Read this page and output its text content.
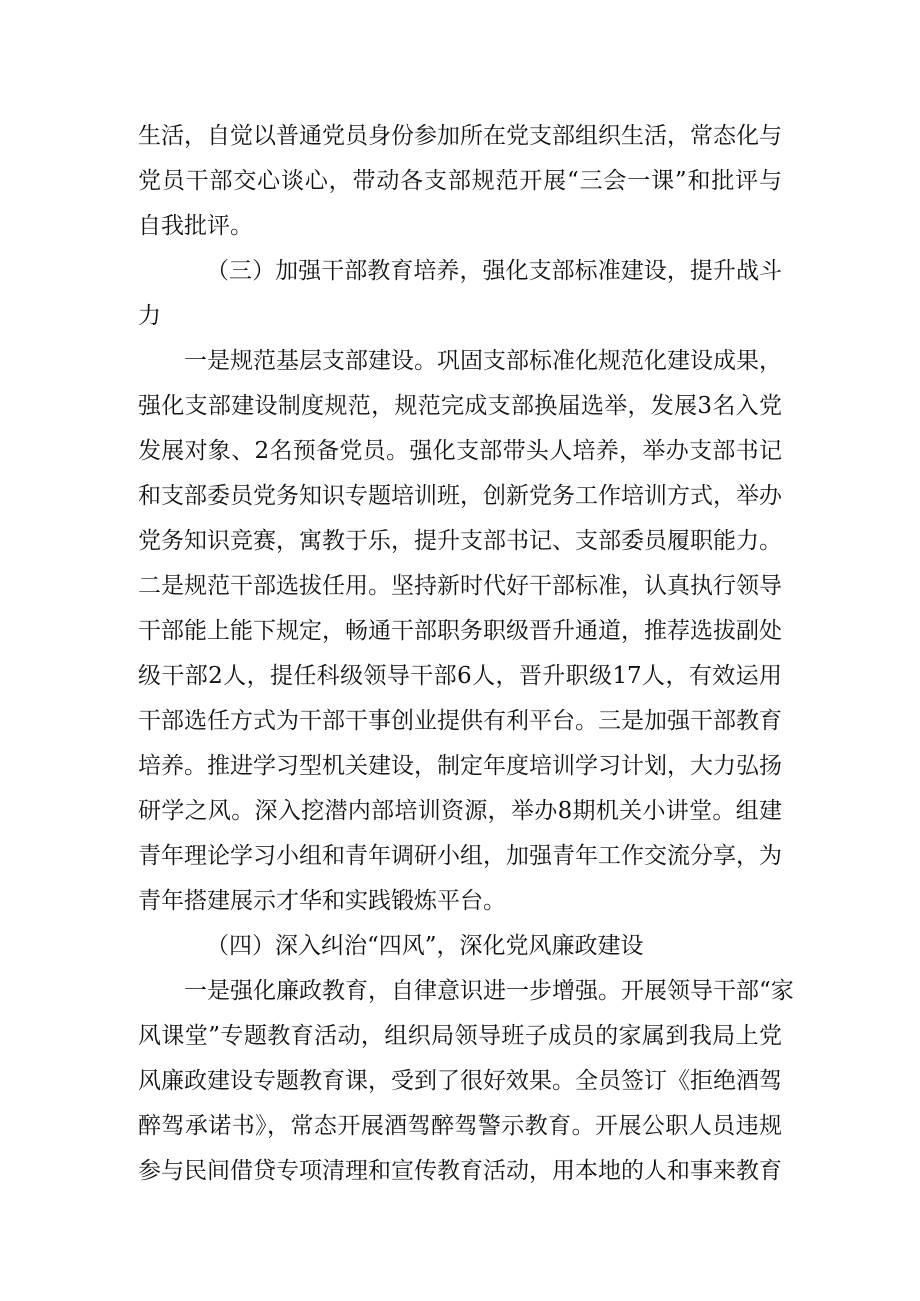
生活，自觉以普通党员身份参加所在党支部组织生活，常态化与
党员干部交心谈心，带动各支部规范开展“三会一课”和批评与
自我批评。
（三）加强干部教育培养，强化支部标准建设，提升战斗
力
一是规范基层支部建设。巩固支部标准化规范化建设成果，
强化支部建设制度规范，规范完成支部换届选举，发展3名入党
发展对象、2名预备党员。强化支部带头人培养，举办支部书记
和支部委员党务知识专题培训班，创新党务工作培训方式，举办
党务知识竞赛，寓教于乐，提升支部书记、支部委员履职能力。
二是规范干部选拔任用。坚持新时代好干部标准，认真执行领导
干部能上能下规定，畅通干部职务职级晋升通道，推荐选拔副处
级干部2人，提任科级领导干部6人，晋升职级17人，有效运用
干部选任方式为干部干事创业提供有利平台。三是加强干部教育
培养。推进学习型机关建设，制定年度培训学习计划，大力弘扬
研学之风。深入挖潜内部培训资源，举办8期机关小讲堂。组建
青年理论学习小组和青年调研小组，加强青年工作交流分享，为
青年搭建展示才华和实践锻炼平台。
（四）深入纠治“四风”，深化党风廉政建设
一是强化廉政教育，自律意识进一步增强。开展领导干部“家
风课堂”专题教育活动，组织局领导班子成员的家属到我局上党
风廉政建设专题教育课，受到了很好效果。全员签订《拒绝酒驾
醉驾承诺书》，常态开展酒驾醉驾警示教育。开展公职人员违规
参与民间借贷专项清理和宣传教育活动，用本地的人和事来教育
